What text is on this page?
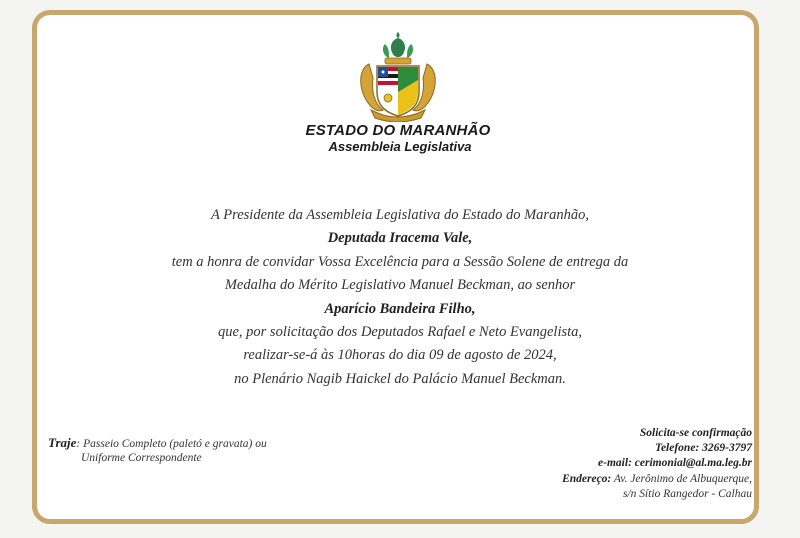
ESTADO DO MARANHÃO
Assembleia Legislativa
A Presidente da Assembleia Legislativa do Estado do Maranhão,
Deputada Iracema Vale,
tem a honra de convidar Vossa Excelência para a Sessão Solene de entrega da
Medalha do Mérito Legislativo Manuel Beckman, ao senhor
Aparício Bandeira Filho,
que, por solicitação dos Deputados Rafael e Neto Evangelista,
realizar-se-á às 10horas do dia 09 de agosto de 2024,
no Plenário Nagib Haickel do Palácio Manuel Beckman.
Traje: Passeio Completo (paletó e gravata) ou
Uniforme Correspondente
Solicita-se confirmação
Telefone: 3269-3797
e-mail: cerimonial@al.ma.leg.br
Endereço: Av. Jerônimo de Albuquerque,
s/n Sítio Rangedor - Calhau
